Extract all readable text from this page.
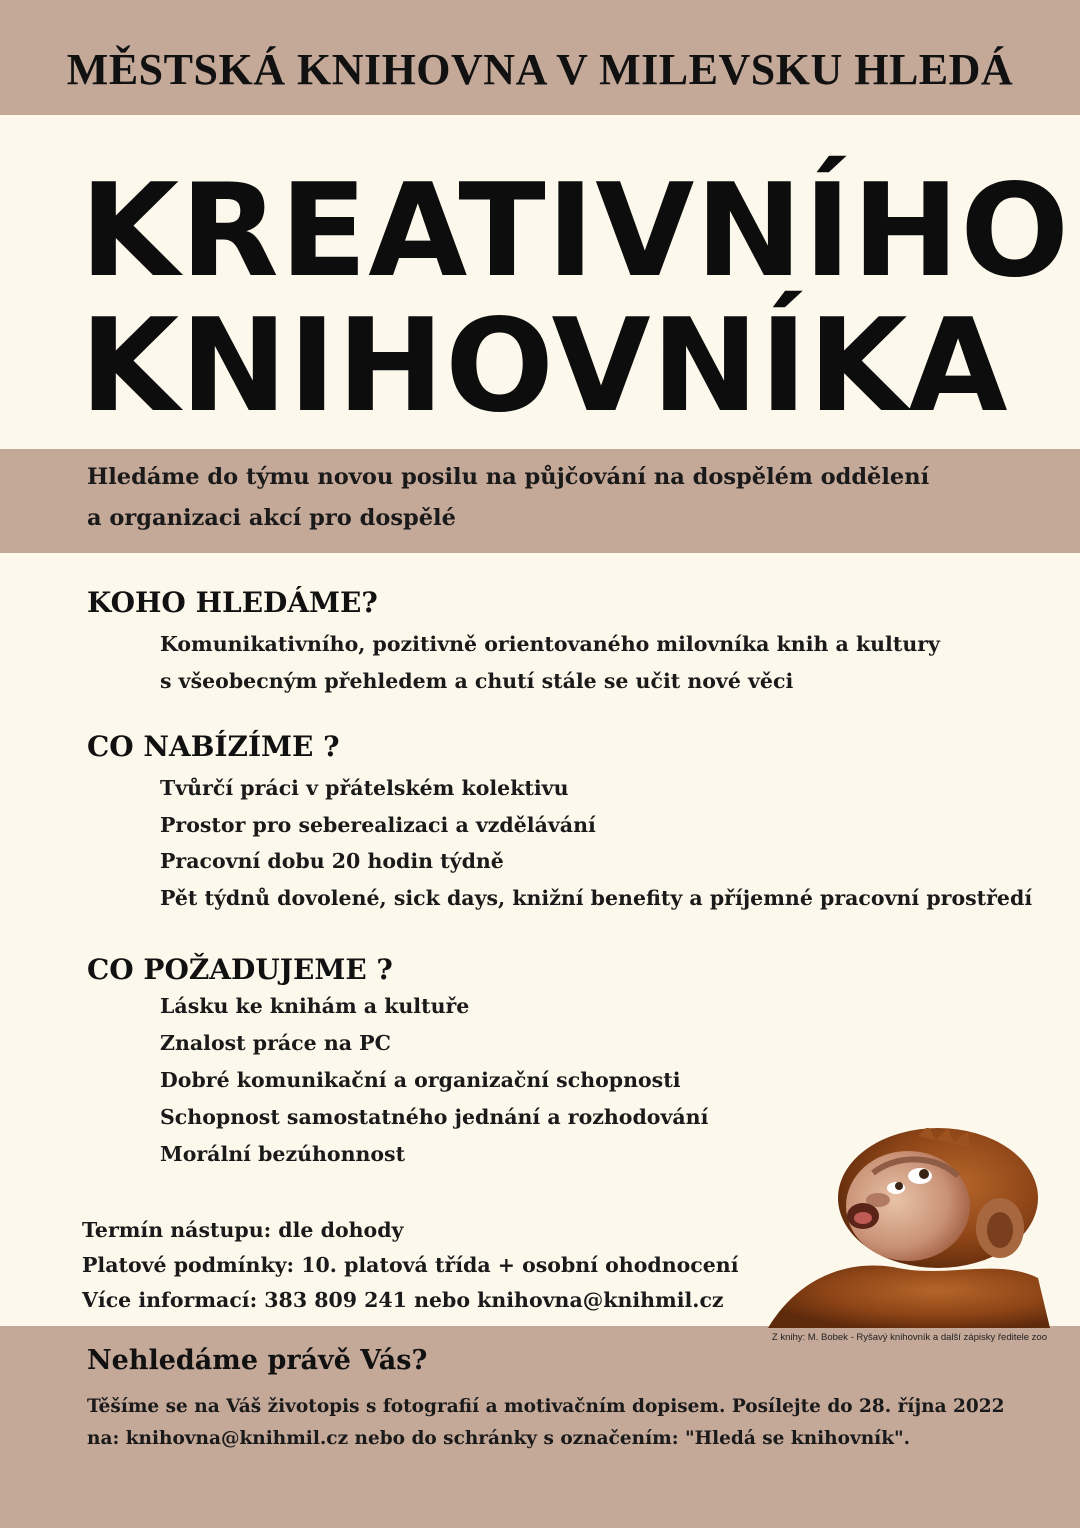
MĚSTSKÁ KNIHOVNA V MILEVSKU HLEDÁ
KREATIVNÍHO
KNIHOVNÍKA
Hledáme do týmu novou posilu na půjčování na dospělém oddělení
a organizaci akcí pro dospělé
KOHO HLEDÁME?
Komunikativního, pozitivně orientovaného milovníka knih a kultury
s všeobecným přehledem a chutí stále se učit nové věci
CO NABÍZÍME ?
Tvůrčí práci v přátelském kolektivu
Prostor pro seberealizaci a vzdělávání
Pracovní dobu 20 hodin týdně
Pět týdnů dovolené, sick days, knižní benefity a příjemné pracovní prostředí
CO POŽADUJEME ?
Lásku ke knihám a kultuře
Znalost práce na PC
Dobré komunikační a organizační schopnosti
Schopnost samostatného jednání a rozhodování
Morální bezúhonnost
Termín nástupu: dle dohody
Platové podmínky: 10. platová třída + osobní ohodnocení
Více informací: 383 809 241 nebo knihovna@knihmil.cz
Z knihy: M. Bobek - Ryšavý knihovník a další zápisky ředitele zoo
Nehledáme právě Vás?
Těšíme se na Váš životopis s fotografií a motivačním dopisem. Posílejte do 28. října 2022
na: knihovna@knihmil.cz nebo do schránky s označením: "Hledá se knihovník".
